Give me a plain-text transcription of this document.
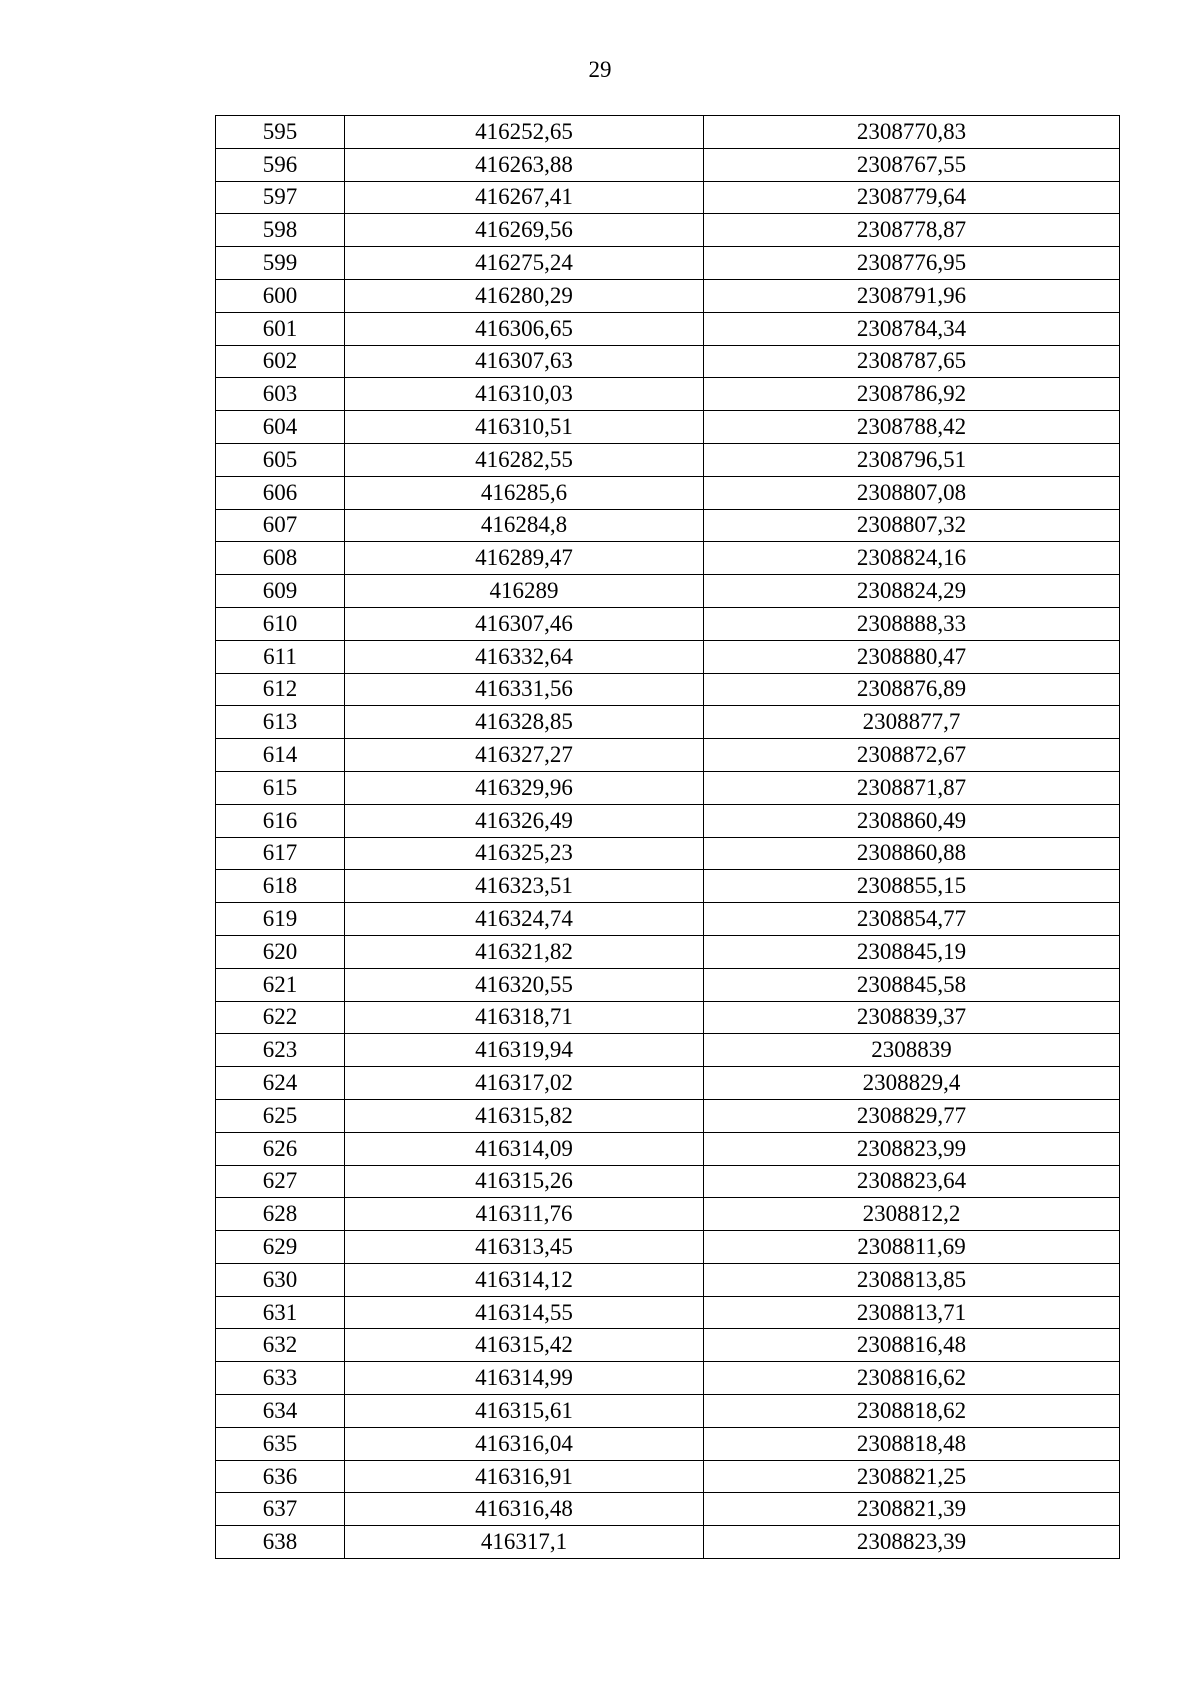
29
595	416252,65	2308770,83
596	416263,88	2308767,55
597	416267,41	2308779,64
598	416269,56	2308778,87
599	416275,24	2308776,95
600	416280,29	2308791,96
601	416306,65	2308784,34
602	416307,63	2308787,65
603	416310,03	2308786,92
604	416310,51	2308788,42
605	416282,55	2308796,51
606	416285,6	2308807,08
607	416284,8	2308807,32
608	416289,47	2308824,16
609	416289	2308824,29
610	416307,46	2308888,33
611	416332,64	2308880,47
612	416331,56	2308876,89
613	416328,85	2308877,7
614	416327,27	2308872,67
615	416329,96	2308871,87
616	416326,49	2308860,49
617	416325,23	2308860,88
618	416323,51	2308855,15
619	416324,74	2308854,77
620	416321,82	2308845,19
621	416320,55	2308845,58
622	416318,71	2308839,37
623	416319,94	2308839
624	416317,02	2308829,4
625	416315,82	2308829,77
626	416314,09	2308823,99
627	416315,26	2308823,64
628	416311,76	2308812,2
629	416313,45	2308811,69
630	416314,12	2308813,85
631	416314,55	2308813,71
632	416315,42	2308816,48
633	416314,99	2308816,62
634	416315,61	2308818,62
635	416316,04	2308818,48
636	416316,91	2308821,25
637	416316,48	2308821,39
638	416317,1	2308823,39
